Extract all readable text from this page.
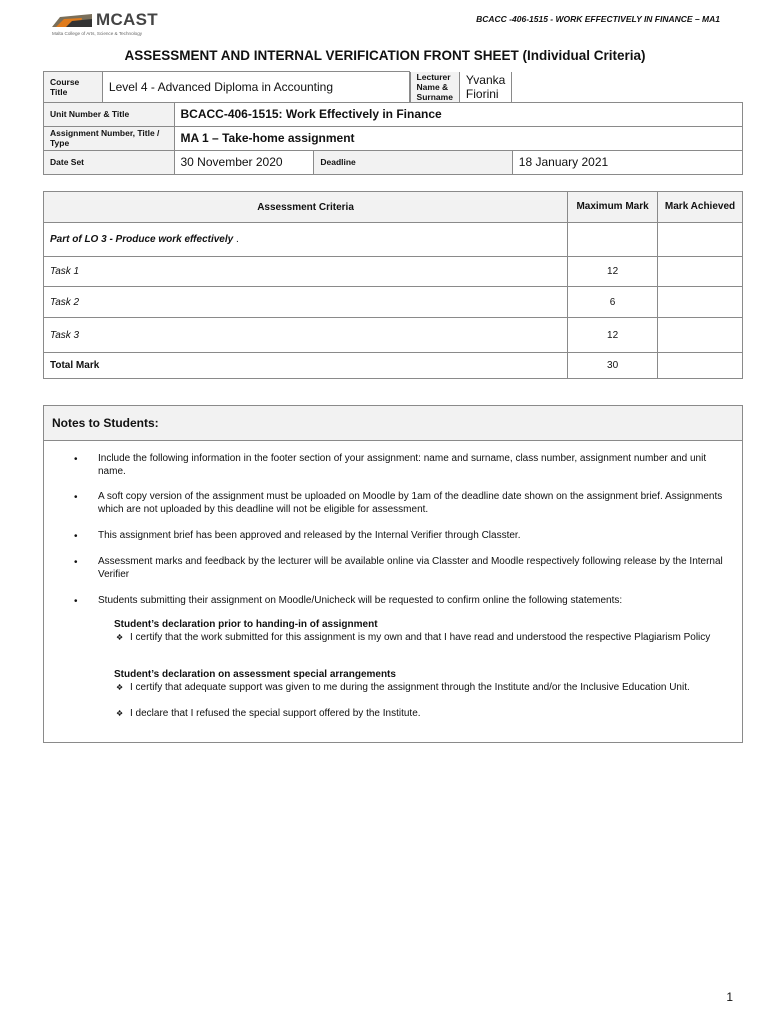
MCAST
Malta College of Arts, Science & Technology
BCACC -406-1515 - WORK EFFECTIVELY IN FINANCE – MA1
ASSESSMENT AND INTERNAL VERIFICATION FRONT SHEET (Individual Criteria)
Course Title	Level 4 - Advanced Diploma in Accounting	
Lecturer Name & Surname	Yvanka Fiorini

Unit Number & Title	BCACC-406-1515: Work Effectively in Finance
Assignment Number, Title / Type	MA 1 – Take-home assignment
Date Set	30 November 2020	Deadline	18 January 2021
Assessment Criteria	Maximum Mark	Mark Achieved
Part of LO 3 - Produce work effectively .		
Task 1	12	
Task 2	6	
Task 3	12	
Total Mark	30	
Notes to Students:
• Include the following information in the footer section of your assignment: name and surname, class number, assignment number and unit name.
• A soft copy version of the assignment must be uploaded on Moodle by 1am of the deadline date shown on the assignment brief. Assignments which are not uploaded by this deadline will not be eligible for assessment.
• This assignment brief has been approved and released by the Internal Verifier through Classter.
• Assessment marks and feedback by the lecturer will be available online via Classter and Moodle respectively following release by the Internal Verifier
• Students submitting their assignment on Moodle/Unicheck will be requested to confirm online the following statements:
Student’s declaration prior to handing-in of assignment
❖ I certify that the work submitted for this assignment is my own and that I have read and understood the respective Plagiarism Policy
Student’s declaration on assessment special arrangements
❖ I certify that adequate support was given to me during the assignment through the Institute and/or the Inclusive Education Unit.
❖ I declare that I refused the special support offered by the Institute.
1
